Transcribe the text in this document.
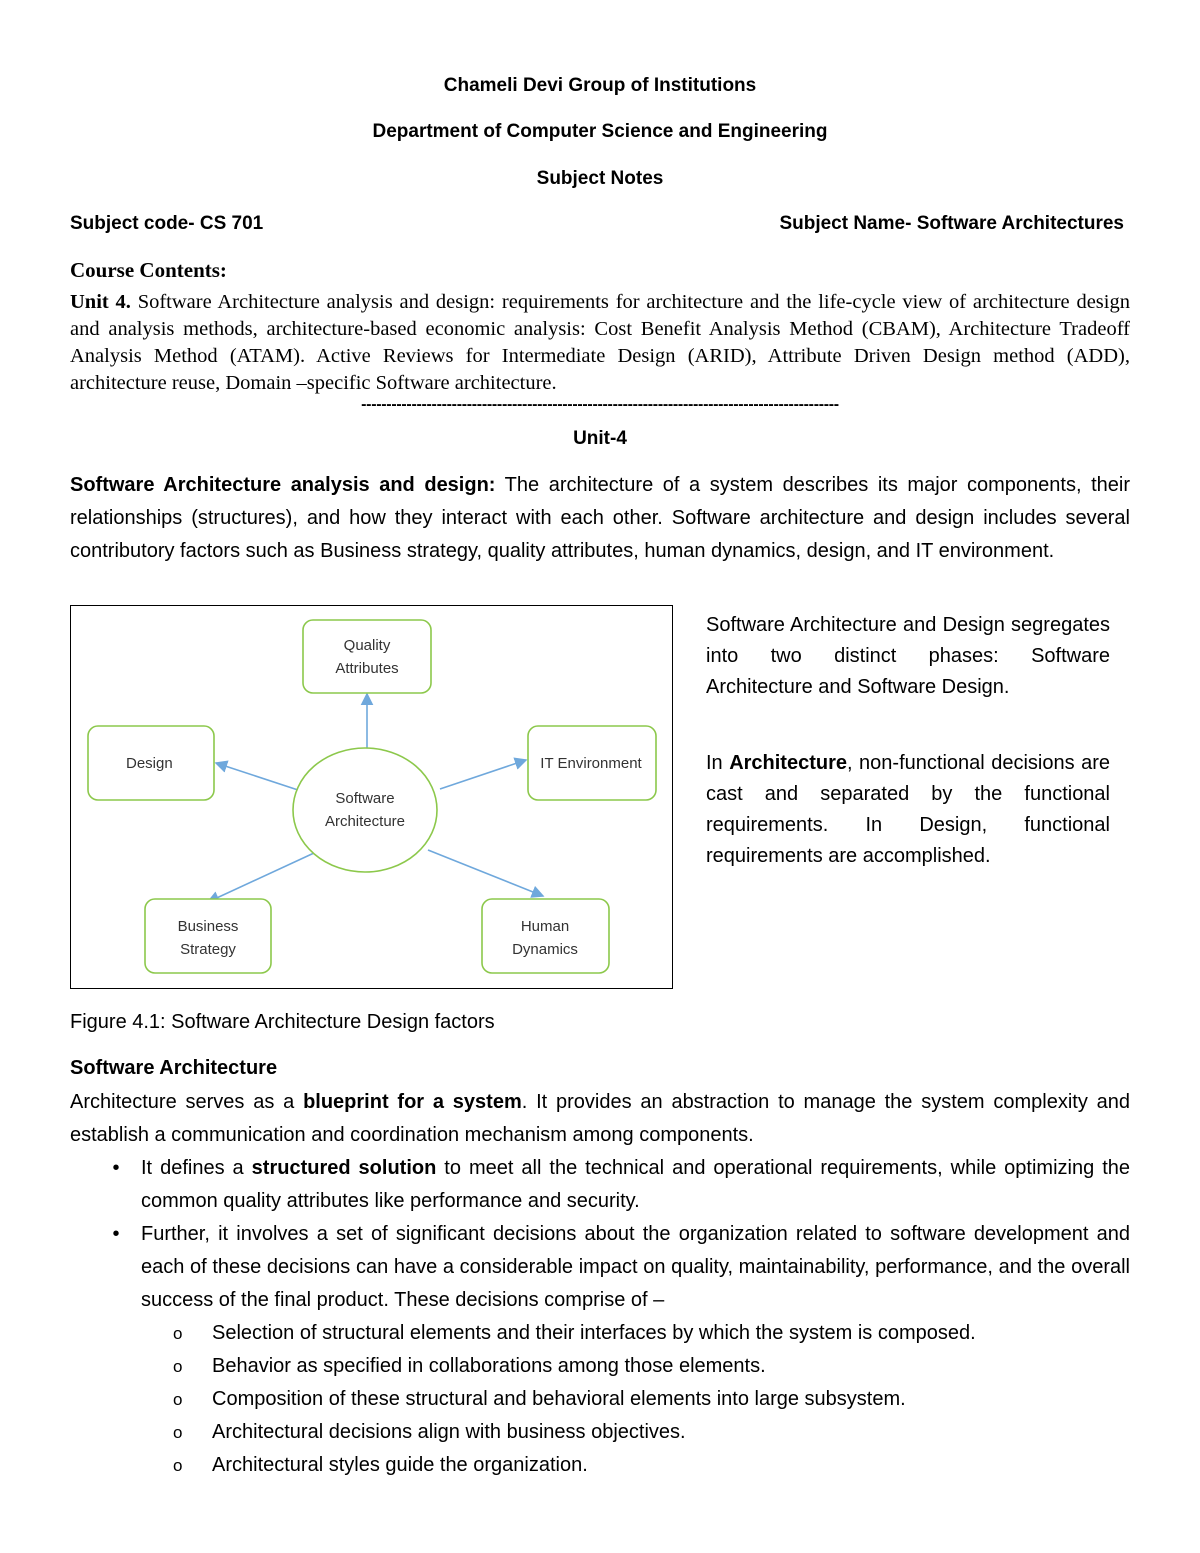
Chameli Devi Group of Institutions
Department of Computer Science and Engineering
Subject Notes
Subject code- CS 701	Subject Name- Software Architectures
Course Contents:
Unit 4. Software Architecture analysis and design: requirements for architecture and the life-cycle view of architecture design and analysis methods, architecture-based economic analysis: Cost Benefit Analysis Method (CBAM), Architecture Tradeoff Analysis Method (ATAM). Active Reviews for Intermediate Design (ARID), Attribute Driven Design method (ADD), architecture reuse, Domain –specific Software architecture.
-----------------------------------------------------------------------------------------------
Unit-4
Software Architecture analysis and design: The architecture of a system describes its major components, their relationships (structures), and how they interact with each other. Software architecture and design includes several contributory factors such as Business strategy, quality attributes, human dynamics, design, and IT environment.
Software
Architecture
Quality
Attributes
Design	IT Environment
Business
Strategy
Human
Dynamics
Software Architecture and Design segregates into two distinct phases: Software Architecture and Software Design.
In Architecture, non-functional decisions are cast and separated by the functional requirements. In Design, functional requirements are accomplished.
Figure 4.1: Software Architecture Design factors
Software Architecture
Architecture serves as a blueprint for a system. It provides an abstraction to manage the system complexity and establish a communication and coordination mechanism among components.
•	It defines a structured solution to meet all the technical and operational requirements, while optimizing the common quality attributes like performance and security.
•	Further, it involves a set of significant decisions about the organization related to software development and each of these decisions can have a considerable impact on quality, maintainability, performance, and the overall success of the final product. These decisions comprise of –
o Selection of structural elements and their interfaces by which the system is composed.
o Behavior as specified in collaborations among those elements.
o Composition of these structural and behavioral elements into large subsystem.
o Architectural decisions align with business objectives.
o Architectural styles guide the organization.
